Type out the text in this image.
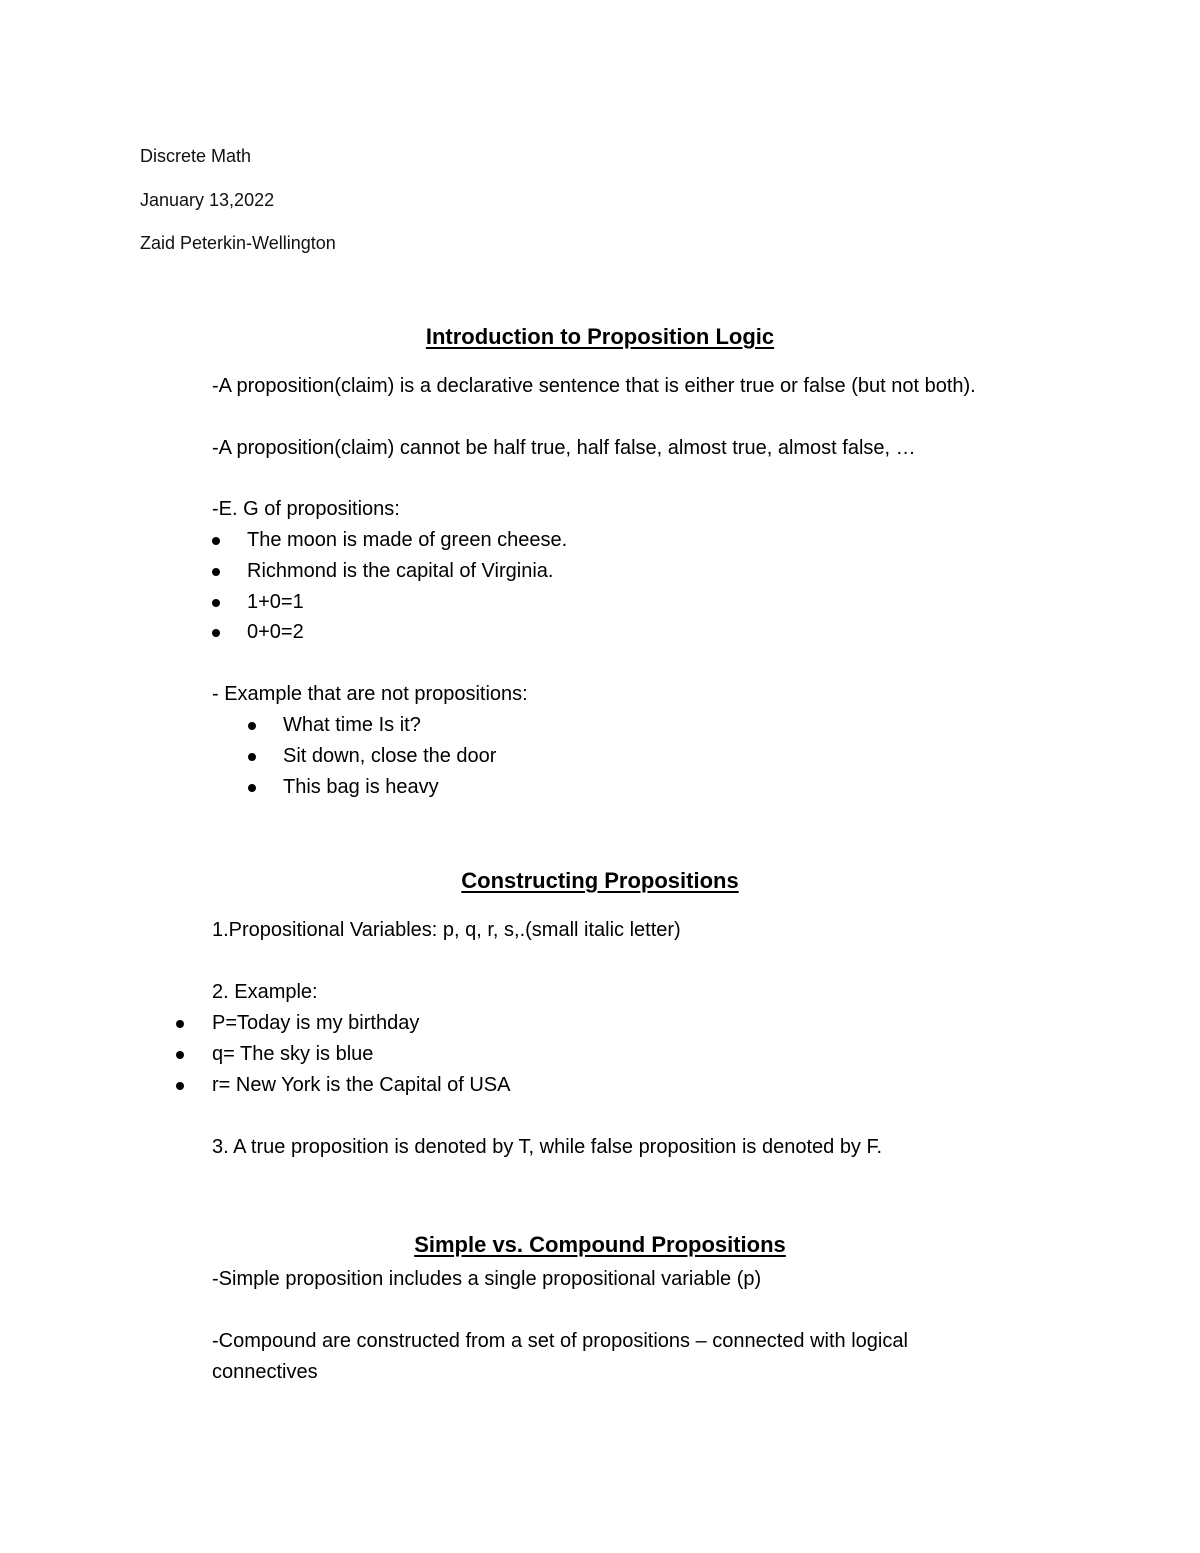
Discrete Math
January 13,2022
Zaid Peterkin-Wellington
Introduction to Proposition Logic
-A proposition(claim) is a declarative sentence that is either true or false (but not both).
-A proposition(claim) cannot be half true, half false, almost true, almost false, …
-E. G of propositions:
The moon is made of green cheese.
Richmond is the capital of Virginia.
1+0=1
0+0=2
- Example that are not propositions:
What time Is it?
Sit down, close the door
This bag is heavy
Constructing Propositions
1.Propositional Variables: p, q, r, s,.(small italic letter)
2. Example:
P=Today is my birthday
q= The sky is blue
r= New York is the Capital of USA
3. A true proposition is denoted by T, while false proposition is denoted by F.
Simple vs. Compound Propositions
-Simple proposition includes a single propositional variable (p)
-Compound are constructed from a set of propositions – connected with logical
connectives
